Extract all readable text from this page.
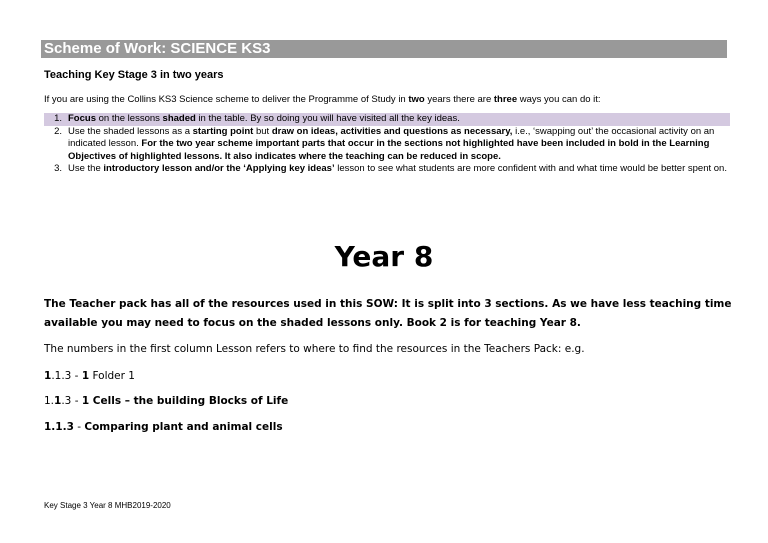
Scheme of Work: SCIENCE KS3
Teaching Key Stage 3 in two years
If you are using the Collins KS3 Science scheme to deliver the Programme of Study in two years there are three ways you can do it:
1. Focus on the lessons shaded in the table. By so doing you will have visited all the key ideas.
2. Use the shaded lessons as a starting point but draw on ideas, activities and questions as necessary, i.e., ‘swapping out’ the occasional activity on an indicated lesson. For the two year scheme important parts that occur in the sections not highlighted have been included in bold in the Learning Objectives of highlighted lessons. It also indicates where the teaching can be reduced in scope.
3. Use the introductory lesson and/or the ‘Applying key ideas’ lesson to see what students are more confident with and what time would be better spent on.
Year 8
The Teacher pack has all of the resources used in this SOW: It is split into 3 sections. As we have less teaching time available you may need to focus on the shaded lessons only. Book 2 is for teaching Year 8.
The numbers in the first column Lesson refers to where to find the resources in the Teachers Pack: e.g.
1.1.3 - 1 Folder 1
1.1.3 - 1 Cells – the building Blocks of Life
1.1.3 - Comparing plant and animal cells
Key Stage 3 Year 8 MHB2019-2020
